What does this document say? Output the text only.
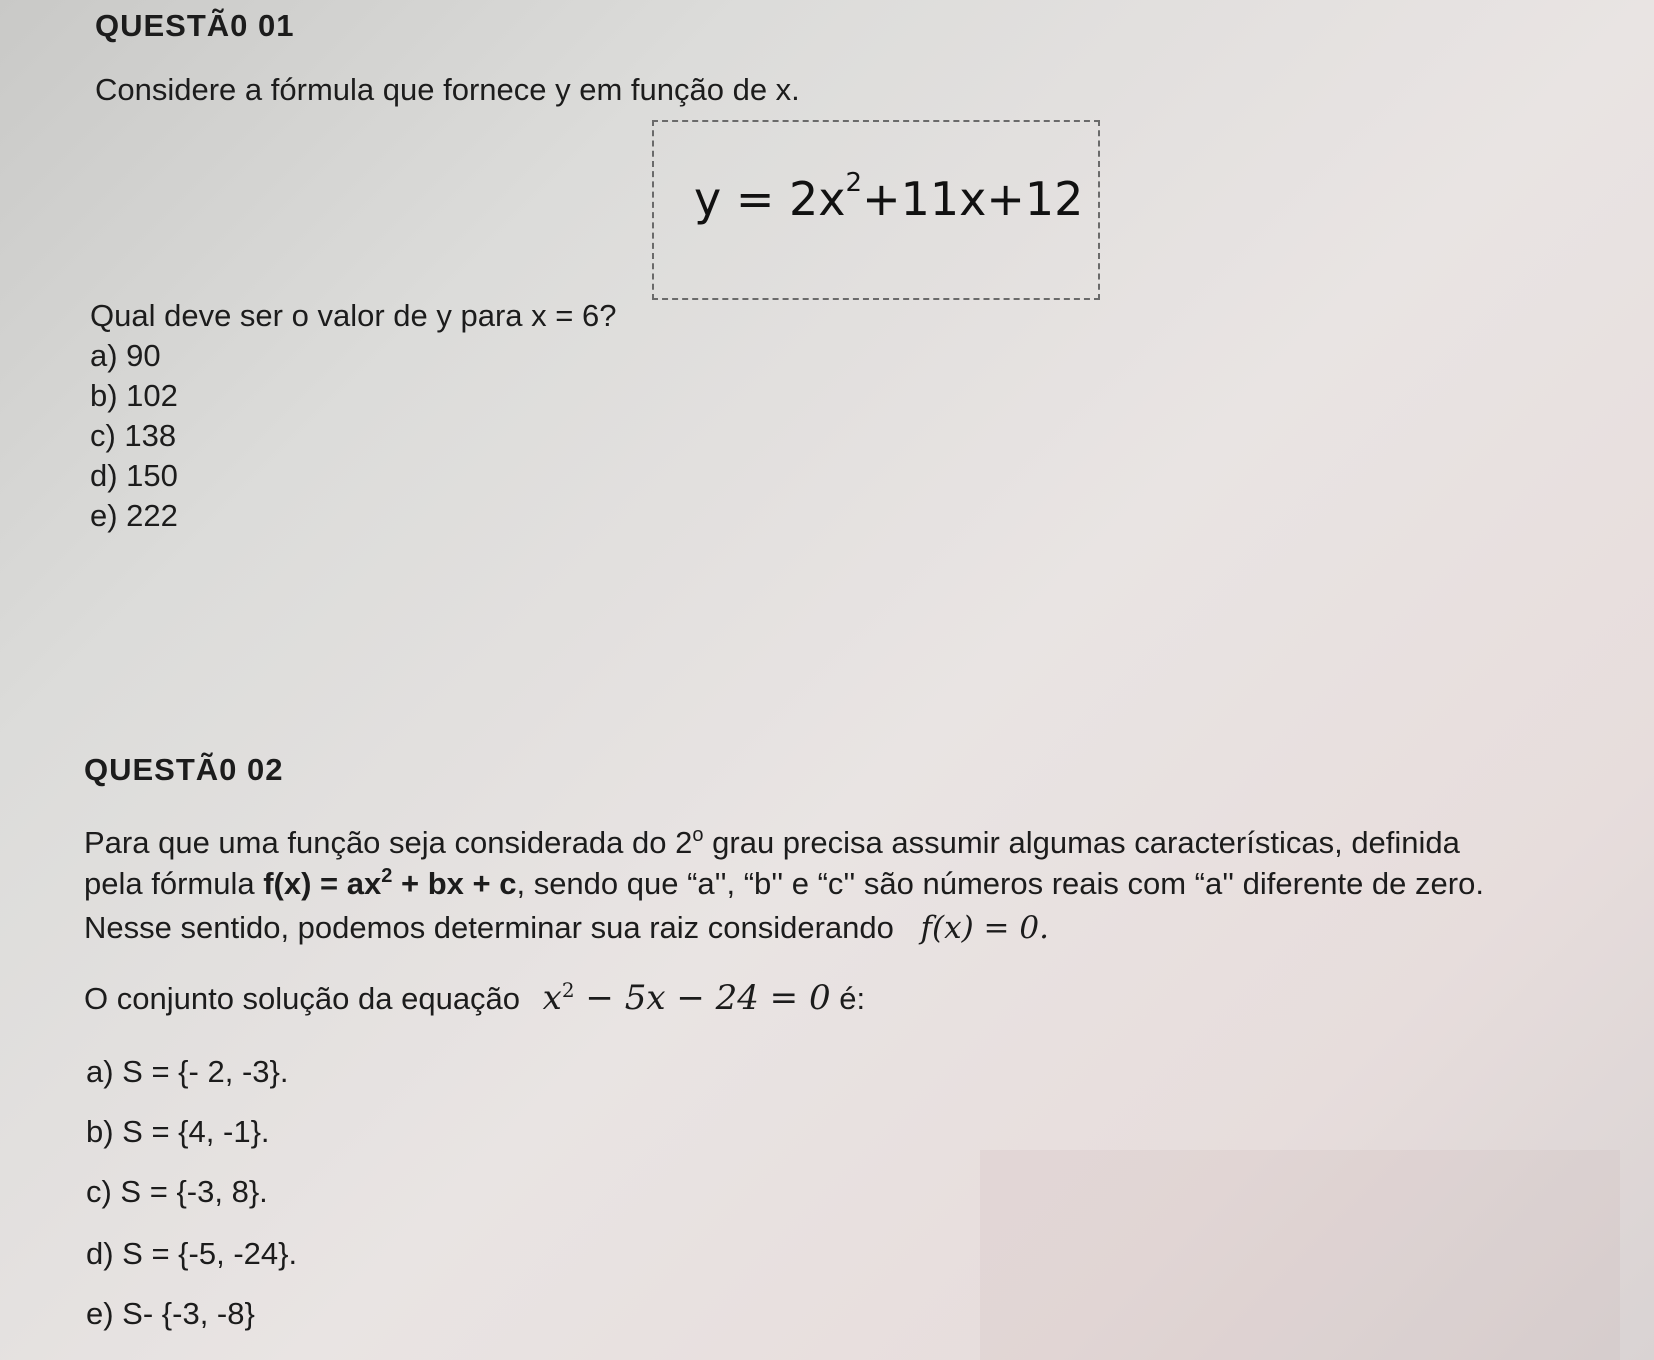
QUESTÃ0 01
Considere a fórmula que fornece y em função de x.
$y = 2x^2+11x+12$
Qual deve ser o valor de y para x = 6?
a) 90
b) 102
c) 138
d) 150
e) 222
QUESTÃ0 02
Para que uma função seja considerada do 2$^o$ grau precisa assumir algumas características, definida
pela fórmula $f(x) = ax^2$ + bx + c, sendo que “a'', “b'' e “c'' são números reais com “a'' diferente de zero.
Nesse sentido, podemos determinar sua raiz considerando f(x) = 0.
O conjunto solução da equação $x^2 - 5x - 24 = 0$ é:
a) S = {- 2, -3}.
b) S = {4, -1}.
c) S = {-3, 8}.
d) S = {-5, -24}.
e) S- {-3, -8}
